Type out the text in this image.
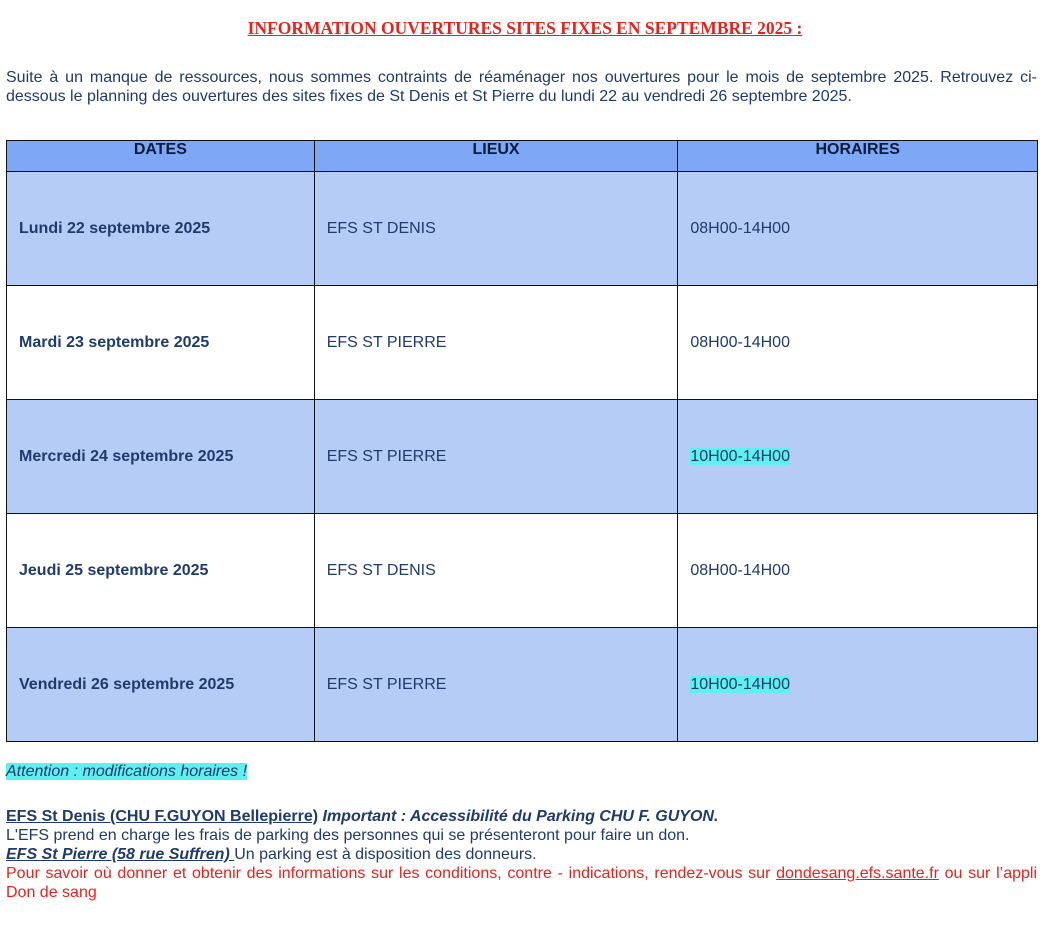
INFORMATION OUVERTURES SITES FIXES EN SEPTEMBRE 2025 :
Suite à un manque de ressources, nous sommes contraints de réaménager nos ouvertures pour le mois de septembre 2025. Retrouvez ci-dessous le planning des ouvertures des sites fixes de St Denis et St Pierre du lundi 22 au vendredi 26 septembre 2025.
DATES	LIEUX	HORAIRES
Lundi 22 septembre 2025	EFS ST DENIS	08H00-14H00
Mardi 23 septembre 2025	EFS ST PIERRE	08H00-14H00
Mercredi 24 septembre 2025	EFS ST PIERRE	10H00-14H00
Jeudi 25 septembre 2025	EFS ST DENIS	08H00-14H00
Vendredi 26 septembre 2025	EFS ST PIERRE	10H00-14H00
Attention : modifications horaires !
EFS St Denis (CHU F.GUYON Bellepierre) Important : Accessibilité du Parking CHU F. GUYON.
L'EFS prend en charge les frais de parking des personnes qui se présenteront pour faire un don.
EFS St Pierre (58 rue Suffren) Un parking est à disposition des donneurs.
Pour savoir où donner et obtenir des informations sur les conditions, contre - indications, rendez-vous sur dondesang.efs.sante.fr ou sur l’appli Don de sang
